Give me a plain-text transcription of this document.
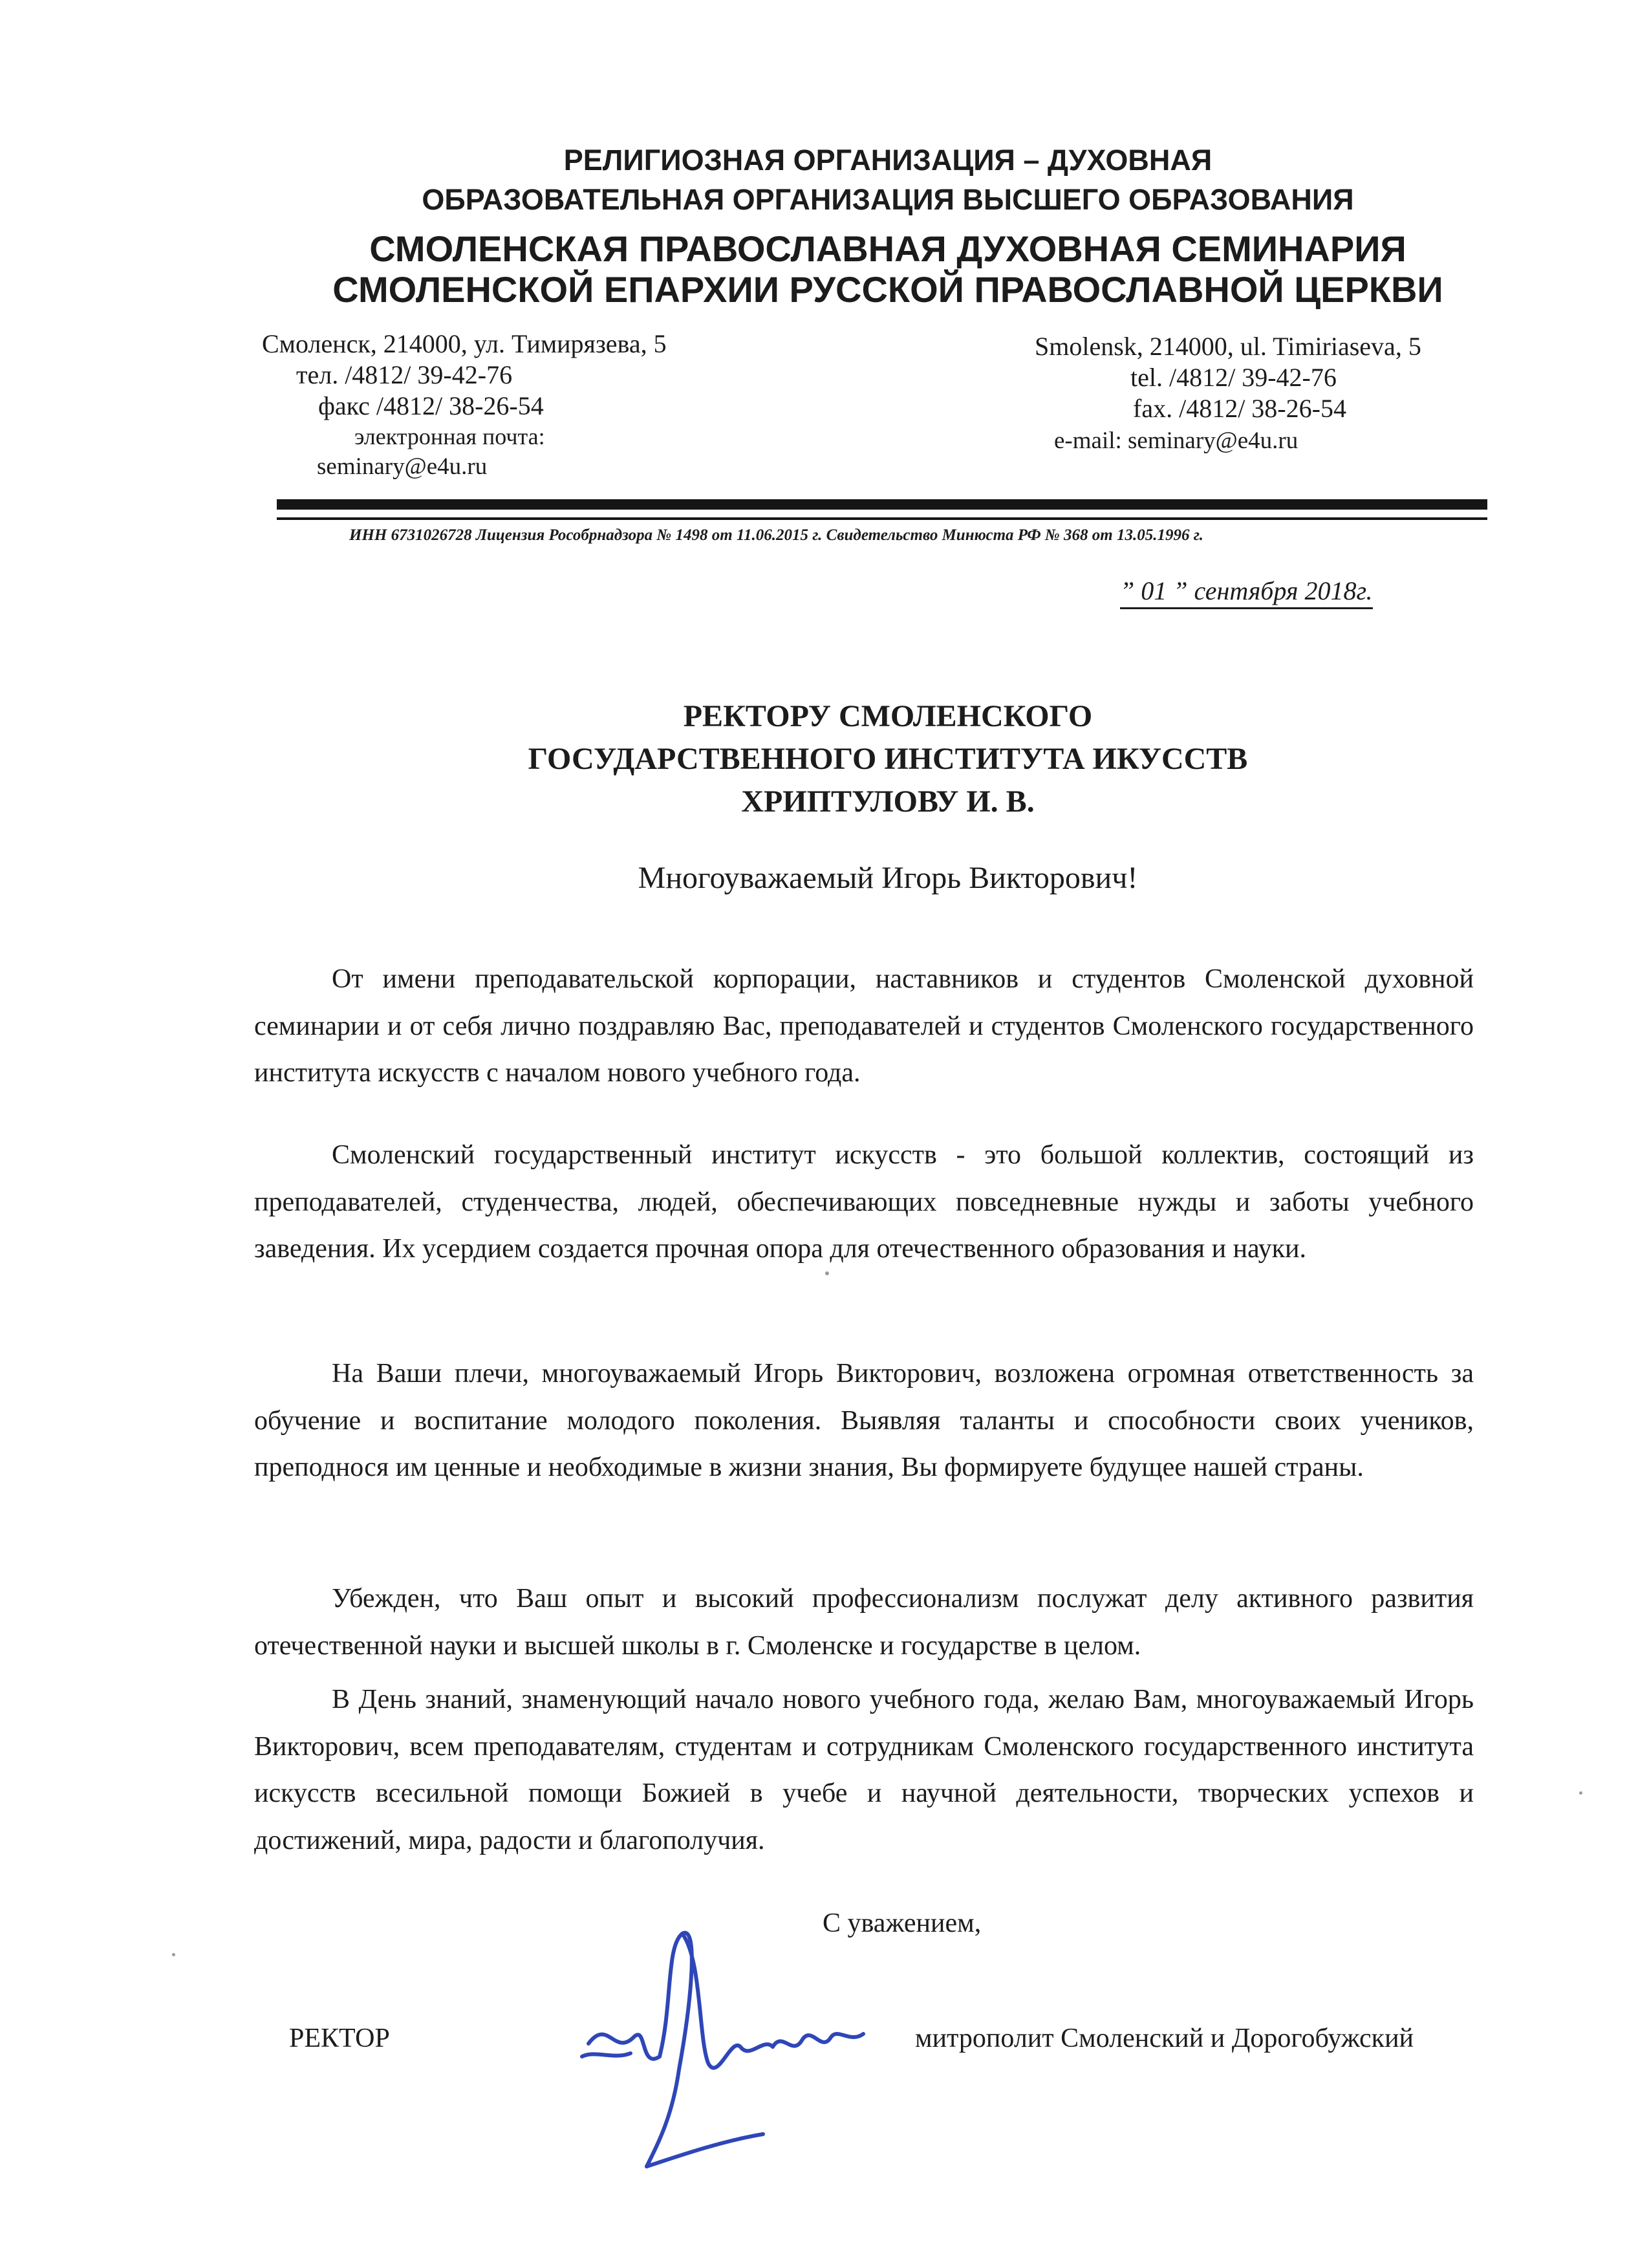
РЕЛИГИОЗНАЯ ОРГАНИЗАЦИЯ – ДУХОВНАЯ
ОБРАЗОВАТЕЛЬНАЯ ОРГАНИЗАЦИЯ ВЫСШЕГО ОБРАЗОВАНИЯ
СМОЛЕНСКАЯ ПРАВОСЛАВНАЯ ДУХОВНАЯ СЕМИНАРИЯ
СМОЛЕНСКОЙ ЕПАРХИИ РУССКОЙ ПРАВОСЛАВНОЙ ЦЕРКВИ
Смоленск, 214000, ул. Тимирязева, 5
тел. /4812/ 39-42-76
факс /4812/ 38-26-54
электронная почта:
seminary@e4u.ru
Smolensk, 214000, ul. Timiriaseva, 5
tel. /4812/ 39-42-76
fax. /4812/ 38-26-54
e-mail: seminary@e4u.ru
ИНН 6731026728 Лицензия Рособрнадзора № 1498 от 11.06.2015 г. Свидетельство Минюста РФ № 368 от 13.05.1996 г.
” 01 ” сентября 2018г.
РЕКТОРУ СМОЛЕНСКОГО
ГОСУДАРСТВЕННОГО ИНСТИТУТА ИКУССТВ
ХРИПТУЛОВУ И. В.
Многоуважаемый Игорь Викторович!

От имени преподавательской корпорации, наставников и студентов Смоленской духовной семинарии и от себя лично поздравляю Вас, преподавателей и студентов Смоленского государственного института искусств с началом нового учебного года.

Смоленский государственный институт искусств - это большой коллектив, состоящий из преподавателей, студенчества, людей, обеспечивающих повседневные нужды и заботы учебного заведения. Их усердием создается прочная опора для отечественного образования и науки.

На Ваши плечи, многоуважаемый Игорь Викторович, возложена огромная ответственность за обучение и воспитание молодого поколения. Выявляя таланты и способности своих учеников, преподнося им ценные и необходимые в жизни знания, Вы формируете будущее нашей страны.

Убежден, что Ваш опыт и высокий профессионализм послужат делу активного развития отечественной науки и высшей школы в г. Смоленске и государстве в целом.

В День знаний, знаменующий начало нового учебного года, желаю Вам, многоуважаемый Игорь Викторович, всем преподавателям, студентам и сотрудникам Смоленского государственного института искусств всесильной помощи Божией в учебе и научной деятельности, творческих успехов и достижений, мира, радости и благополучия.

С уважением,
РЕКТОР	митрополит Смоленский и Дорогобужский
